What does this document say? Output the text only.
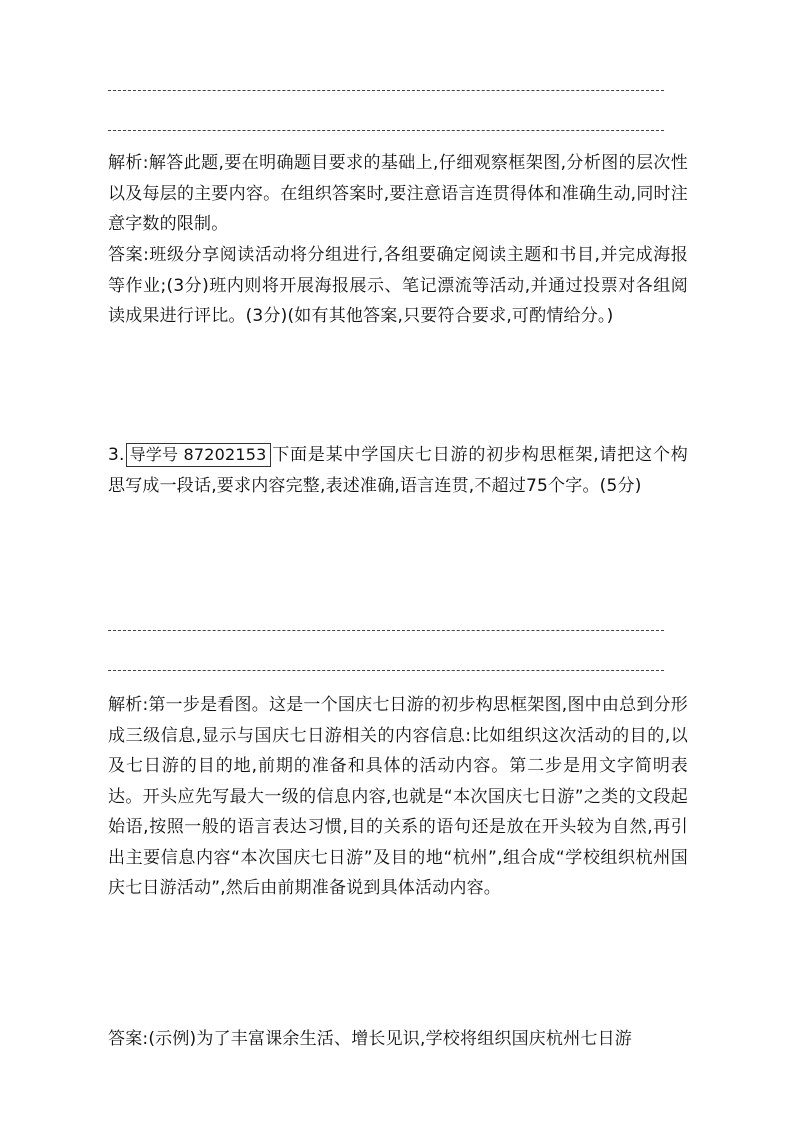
解析:解答此题,要在明确题目要求的基础上,仔细观察框架图,分析图的层次性以及每层的主要内容。在组织答案时,要注意语言连贯得体和准确生动,同时注意字数的限制。

答案:班级分享阅读活动将分组进行,各组要确定阅读主题和书目,并完成海报等作业;(3分)班内则将开展海报展示、笔记漂流等活动,并通过投票对各组阅读成果进行评比。(3分)(如有其他答案,只要符合要求,可酌情给分。)

3. 导学号 87202153 下面是某中学国庆七日游的初步构思框架,请把这个构思写成一段话,要求内容完整,表述准确,语言连贯,不超过75个字。(5分)

解析:第一步是看图。这是一个国庆七日游的初步构思框架图,图中由总到分形成三级信息,显示与国庆七日游相关的内容信息:比如组织这次活动的目的,以及七日游的目的地,前期的准备和具体的活动内容。第二步是用文字简明表达。开头应先写最大一级的信息内容,也就是“本次国庆七日游”之类的文段起始语,按照一般的语言表达习惯,目的关系的语句还是放在开头较为自然,再引出主要信息内容“本次国庆七日游”及目的地“杭州”,组合成“学校组织杭州国庆七日游活动”,然后由前期准备说到具体活动内容。

答案:(示例)为了丰富课余生活、增长见识,学校将组织国庆杭州七日游
